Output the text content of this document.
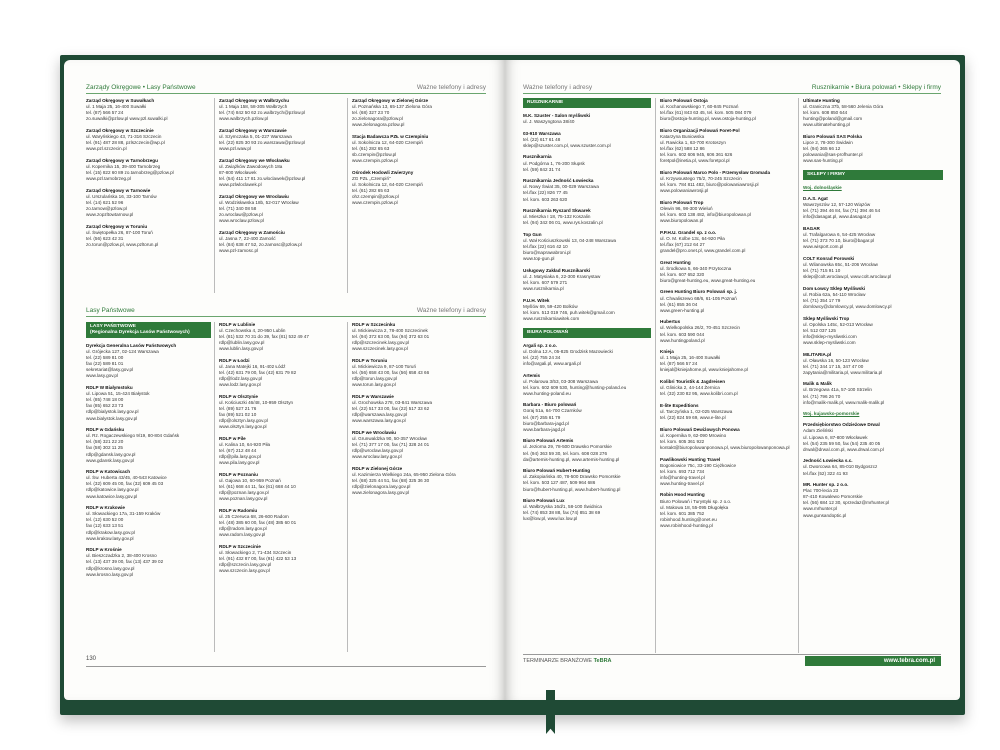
Zarządy Okręgowe • Lasy Państwowe	Ważne telefony i adresy
Zarząd Okręgowy w Suwałkach
ul. 1 Maja 25, 16-400 Suwałki
tel. (87) 566 57 24
zo.suwalki@pzlow.pl www.pzl.suwalki.pl
Zarząd Okręgowy w Szczecinie
ul. Waryńskiego 43, 71-316 Szczecin
tel. (91) 487 28 88, pzlszczecin@wp.pl
www.pzl.szczecin.pl
Zarząd Okręgowy w Tarnobrzegu
ul. Kopernika 15, 39-400 Tarnobrzeg
tel. (15) 822 60 89 zo.tarnobrzeg@pzlow.pl
www.pzl.tarnobrzeg.pl
Zarząd Okręgowy w Tarnowie
ul. Urszulańska 16, 33-100 Tarnów
tel. (14) 621 52 96
zo.tarnow@pzlow.pl
www.zopzltowtarnow.pl
Zarząd Okręgowy w Toruniu
ul. Świętopełka 26, 87-100 Toruń
tel. (56) 623 42 31
zo.torun@pzlow.pl, www.pzltorun.pl
Zarząd Okręgowy w Wałbrzychu
ul. 1 Maja 158, 58-305 Wałbrzych
tel. (74) 842 50 62 zo.walbrzych@pzlow.pl
www.walbrzych.pzlow.pl
Zarząd Okręgowy w Warszawie
ul. Szymczaka 5, 01-227 Warszawa
tel. (22) 825 30 93 zo.warszawa@pzlow.pl
www.pzl.waw.pl
Zarząd Okręgowy we Włocławku
ul. Zwiążków Zawodowych 18a
87-800 Włocławek
tel. (54) 411 17 81 zo.wloclawek@pzlow.pl
www.pzlwloclawek.pl
Zarząd Okręgowy we Wrocławiu
ul. Wodzisławska 18b, 52-017 Wrocław
tel. (71) 340 08 58
zo.wroclaw@pzlow.pl
www.wroclaw.pzlow.pl
Zarząd Okręgowy w Zamościu
ul. Jasna 7, 22-400 Zamość
tel. (84) 638 47 52, zo.zamosc@pzlow.pl
www.pzl-zamosc.pl
Zarząd Okręgowy w Zielonej Górze
ul. Poznańska 13, 65-137 Zielona Góra
tel. (68) 327 23 70
zo.zielonagora@pzlow.pl
www.zielonagora.pzlow.pl
Stacja Badawcza PZŁ w Czempiniu
ul. Sokolnicza 12, 64-020 Czempiń
tel. (61) 282 65 63
sb.czempin@pzlow.pl
www.czempin.pzlow.pl
Ośrodek Hodowli Zwierzyny
ZG PZŁ „Czempiń"
ul. Sokolnicza 12, 64-020 Czempiń
tel. (61) 282 65 63
ohz.czempin@pzlow.pl
www.czempin.pzlow.pl
Lasy Państwowe	Ważne telefony i adresy
LASY PAŃSTWOWE
(Regionalna Dyrekcja Lasów Państwowych)
Dyrekcja Generalna Lasów Państwowych
ul. Grójecka 127, 02-124 Warszawa
tel. (22) 589 81 00
fax (22) 589 81 01
sekretariat@lasy.gov.pl
www.lasy.gov.pl
RDLP W Białymstoku
ul. Lipowa 51, 15-424 Białystok
tel. (85) 748 18 00
fax (85) 652 23 73
rdlp@bialystok.lasy.gov.pl
www.bialystok.lasy.gov.pl
RDLP w Gdańsku
ul. Rz. Rogaczewskiego 9/19, 80-804 Gdańsk
tel. (58) 321 22 20
fax (58) 302 11 25
rdlp@gdansk.lasy.gov.pl
www.gdansk.lasy.gov.pl
RDLP w Katowicach
ul. Św. Huberta 43/45, 40-543 Katowice
tel. (32) 609 45 00, fax (32) 609 45 03
rdlp@katowice.lasy.gov.pl
www.katowice.lasy.gov.pl
RDLP w Krakowie
ul. Słowackiego 17a, 31-159 Kraków
tel. (12) 630 52 00
fax (12) 633 13 51
rdlp@krakow.lasy.gov.pl
www.krakow.lasy.gov.pl
RDLP w Krośnie
ul. Bieszczadzka 2, 38-400 Krosno
tel. (13) 437 39 00, fax (13) 437 39 02
rdlp@krosno.lasy.gov.pl
www.krosno.lasy.gov.pl
RDLP w Lublinie
ul. Czechowska 4, 20-950 Lublin
tel. (81) 532 70 31 do 39, fax (81) 532 49 47
rdlp@lublin.lasy.gov.pl
www.lublin.lasy.gov.pl
RDLP w Łodzi
ul. Jana Matejki 16, 91-402 Łódź
tel. (42) 631 79 00, fax (42) 631 79 82
rdlp@lodz.lasy.gov.pl
www.lodz.lasy.gov.pl
RDLP w Olsztynie
ul. Kościuszki 46/48, 10-959 Olsztyn
tel. (89) 527 21 76
fax (89) 521 02 10
rdlp@olsztyn.lasy.gov.pl
www.olsztyn.lasy.gov.pl
RDLP w Pile
ul. Kalina 10, 64-920 Piła
tel. (67) 212 48 44
rdlp@pila.lasy.gov.pl
www.pila.lasy.gov.pl
RDLP w Poznaniu
ul. Gajowa 10, 60-959 Poznań
tel. (61) 668 44 11, fax (61) 668 44 10
rdlp@poznan.lasy.gov.pl
www.poznan.lasy.gov.pl
RDLP w Radomiu
ul. 25 Czerwca 68, 26-600 Radom
tel. (48) 385 60 00, fax (48) 385 60 01
rdlp@radom.lasy.gov.pl
www.radom.lasy.gov.pl
RDLP w Szczecinie
ul. Słowackiego 2, 71-434 Szczecin
tel. (91) 432 87 00, fax (91) 422 53 13
rdlp@szczecin.lasy.gov.pl
www.szczecin.lasy.gov.pl
RDLP w Szczecinku
ul. Mickiewicza 2, 78-400 Szczecinek
tel. (94) 372 63 00, fax (94) 372 63 01
rdlp@szczecinek.lasy.gov.pl
www.szczecinek.lasy.gov.pl
RDLP w Toruniu
ul. Mickiewicza 9, 87-100 Toruń
tel. (56) 658 43 00, fax (56) 658 43 66
rdlp@torun.lasy.gov.pl
www.torun.lasy.gov.pl
RDLP w Warszawie
ul. Grochowska 278, 03-841 Warszawa
tel. (22) 517 33 00, fax (22) 517 33 62
rdlp@warszawa.lasy.gov.pl
www.warszawa.lasy.gov.pl
RDLP we Wrocławiu
ul. Grunwaldzka 90, 50-357 Wrocław
tel. (71) 377 17 00, fax (71) 328 24 01
rdlp@wroclaw.lasy.gov.pl
www.wroclaw.lasy.gov.pl
RDLP w Zielonej Górze
ul. Kazimierza Wielkiego 24a, 65-950 Zielona Góra
tel. (68) 325 44 51, fax (68) 325 36 30
rdlp@zielonagora.lasy.gov.pl
www.zielonagora.lasy.gov.pl
130
Ważne telefony i adresy	Rusznikarnie • Biura polowań • Sklepy i firmy
RUSZNIKARNIE
M.K. Szuster - Salon myśliwski
ul. J. Waszyngtona 38/40
03-910 Warszawa
tel. (22) 617 61 48
sklep@szuster.com.pl, www.szuster.com.pl
Rusznikarnia
ul. Podgórna 1, 76-200 Słupsk
tel. (59) 842 31 74
Rusznikarnia Jedność Łowiecka
ul. Nowy Świat 35, 00-029 Warszawa
tel./fax (22) 826 77 45
tel. kom. 603 263 620
Rusznikarnia Ryszard Skwarek
ul. Mieszka I 18, 75-132 Koszalin
tel. (94) 342 06 01, www.rys.koszalin.pl
Top Gun
ul. Wał Kościuszkowski 13, 04-248 Warszawa
tel./fax (22) 616 42 10
biuro@naprawabroni.pl
www.top-gun.pl
Usługowy Zakład Rusznikarski
ul. J. Matysiaka 6, 22-300 Krasnystaw
tel. kom. 607 579 271
www.rusznikarnia.pl
P.U.H. Witek
Myślów 69, 59-420 Bolków
tel. kom. 513 019 746, puh.witek@gmail.com
www.rusznikarniawitek.com
BIURA POLOWAŃ
Argali sp. z o.o.
ul. Dolna 12 A, 05-825 Grodzisk Mazowiecki
tel. (22) 755 24 34
info@argali.pl, www.argali.pl
Artemis
ul. Polarowa 3/53, 03-308 Warszawa
tel. kom. 602 609 530, hunting@hunting-poland.eu
www.hunting-poland.eu
Barbara - Biuro polowań
Goraj 51a, 64-700 Czarnków
tel. (67) 255 61 79
biuro@barbara-jagd.pl
www.barbara-jagd.pl
Biuro Polowań Artemis
ul. Jeziorna 29, 78-500 Drawsko Pomorskie
tel. (94) 363 59 30, tel. kom. 608 028 276
da@artemis-hunting.pl, www.artemis-hunting.pl
Biuro Polowań Hubert-Hunting
ul. Zakopiańska 40, 78-500 Drawsko Pomorskie
tel. kom. 503 127 487, 509 964 686
biuro@hubert-hunting.pl, www.hubert-hunting.pl
Biuro Polowań Lux
ul. Wałbrzyska 16d/1, 58-100 Świdnica
tel. (74) 853 38 88, fax (74) 851 38 69
lux@low.pl, www.lux.low.pl
Biuro Polowań Ostoja
ul. Kochanowskiego 7, 60-845 Poznań
tel./fax (61) 843 63 45, tel. kom. 505 084 079
biuro@ostoja-hunting.pl, www.ostoja-hunting.pl
Biuro Organizacji Polowań Foret-Pol
Katarzyna Buniowska
ul. Rawicka 1, 63-700 Krotoszyn
tel./fax (62) 588 12 86
tel. kom. 602 606 945, 606 361 626
foretpol@inetia.pl, www.foretpol.pl
Biuro Polowań Marco Polo - Przemysław Gromada
ul. Krzywoustego 75/2, 70-245 Szczecin
tel. kom. 784 811 482, biuro@polowaniawrosji.pl
www.polowaniawrosji.pl
Biuro Polowań Trop
Olewin 96, 98-300 Wieluń
tel. kom. 603 138 482, info@biuropolowan.pl
www.biuropolowan.pl
P.P.H.U. Grandel sp. z o.o.
ul. O. M. Kolbe 13c, 64-920 Piła
tel./fax (67) 212 64 27
grandel@pro.onet.pl, www.grandel.com.pl
Great Hunting
ul. Środkowa 5, 66-340 Przytoczna
tel. kom. 607 652 320
biuro@great-hunting.eu, www.great-hunting.eu
Green Hunting Biuro Polowań sp. j.
ul. Chwaliszewo 68/6, 61-105 Poznań
tel. (61) 855 36 04
www.green-hunting.pl
Hubertus
ul. Wielkopolska 26/2, 70-451 Szczecin
tel. kom. 603 590 044
www.huntingpoland.pl
Knieja
ul. 1 Maja 25, 16-400 Suwałki
tel. (87) 566 57 24
kniejal@kniejahome.pl, www.kniejahome.pl
Kolibri Touristik & Jagdreisen
ul. Glinicka 2, 44-144 Żernica
tel. (32) 230 82 95, www.kolibri.com.pl
E-lite Expeditions
ul. Tarczyńska 1, 02-025 Warszawa
tel. (22) 824 59 69, www.e-lite.pl
Biuro Polowań Dewiżowych Ponowa
ul. Kopernika 9, 62-090 Mrowino
tel. kom. 605 361 922
kontakt@biuropoluwanponowa.pl, www.biuropolowanponowa.pl
Pawlikowski Hunting Travel
Bogoniowice 75c, 33-190 Ciężkowice
tel. kom. 693 712 734
info@hunting-travel.pl
www.hunting-travel.pl
Robin Hood Hunting
Biuro Polowań i Turystyki sp. z o.o.
ul. Makowa 18, 55-095 Długołęka
tel. kom. 601 385 752
robinhood.hunting@onet.eu
www.robinhood-hunting.pl
Ultimate Hunting
ul. Graniczna 37b, 58-560 Jelenia Góra
tel. kom. 608 850 644
hunting@poland@gmail.com
www.ultimatehunting.pl
Biuro Polowań SAS Polska
Lipce 2, 78-300 Świdwin
tel. (94) 365 66 12
polowania@sas-profhunter.pl
www.sas-hunting.pl
SKLEPY I FIRMY
Woj. dolnośląskie
D.A.S. Agat
Wawrzyszów 12, 57-120 Wiązów
tel. (71) 394 46 84, fax (71) 394 46 54
info@dasagat.pl, www.dasagat.pl
BAGAR
ul. Trafalgarowa 6, 54-425 Wrocław
tel. (71) 373 70 10, biuro@bagar.pl
www.wisport.com.pl
COLT Konrad Porowski
ul. Wilanowska 65c, 51-206 Wrocław
tel. (71) 715 91 10
sklep@colt.wroclaw.pl, www.colt.wroclaw.pl
Dom Łowcy Sklep Myśliwski
ul. Robia 62a, 54-110 Wrocław
tel. (71) 354 17 79
domlowcy@domlowcy.pl, www.domlowcy.pl
Sklep Myśliwski Trop
ul. Opolska 145c, 52-013 Wrocław
tel. 512 037 125
info@sklep-mysliwski.com
www.sklep-mysliwski.com
MILITARIA.pl
ul. Oławska 16, 50-123 Wrocław
tel. (71) 344 17 15, 347 47 00
zapytania@militaria.pl, www.militaria.pl
Malik & Malik
ul. Brzegowa 41a, 57-100 Strzelin
tel. (71) 796 26 70
info@malik-malik.pl, www.malik-malik.pl
Woj. kujawsko-pomorskie
Przedsiębiorstwo Odzieżowe Drwal
Adam Zieliński
ul. Lipowa 6, 87-800 Włocławek
tel. (54) 235 59 50, fax (54) 235 40 05
drwal@drwal.com.pl, www.drwal.com.pl
Jedność Łowiecka s.c.
ul. Dworcowa 64, 85-010 Bydgoszcz
tel./fax (52) 322 41 93
MR. Hunter sp. z o.o.
Plac 700-lecia 23
87-410 Kowalewo Pomorskie
tel. (56) 684 12 30, sprzedaz@mrhunter.pl
www.mrhunter.pl
www.gunsandoptic.pl
TERMINARZE BRANŻOWE TeBRA	www.tebra.com.pl
